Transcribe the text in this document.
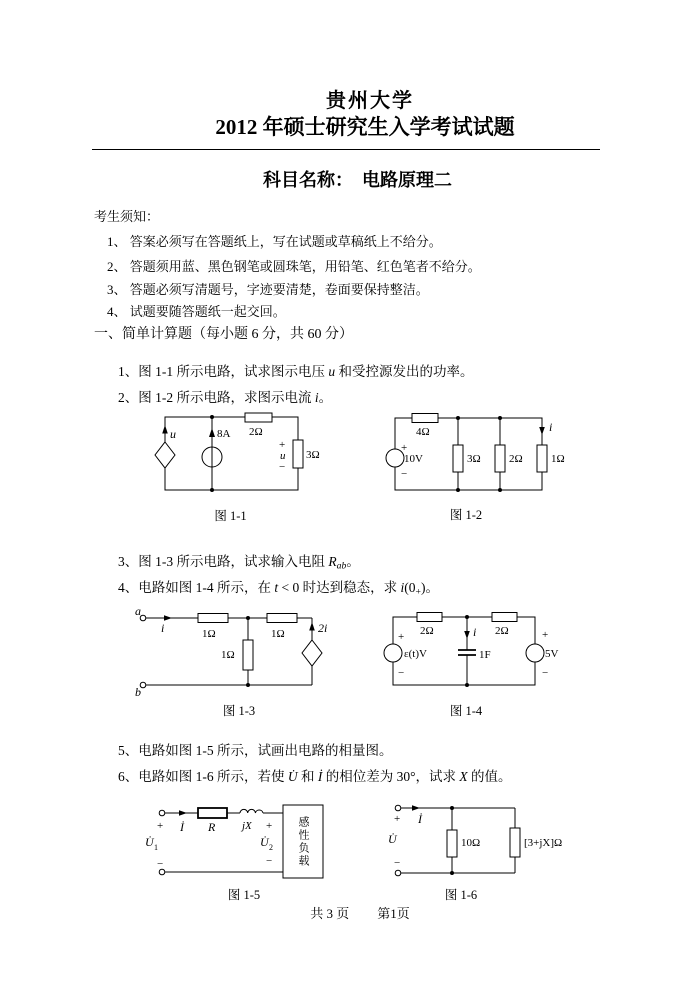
贵州大学
2012 年硕士研究生入学考试试题
科目名称：　电路原理二
考生须知：
1、 答案必须写在答题纸上，写在试题或草稿纸上不给分。
2、 答题须用蓝、黑色钢笔或圆珠笔，用铅笔、红色笔者不给分。
3、 答题必须写清题号，字迹要清楚，卷面要保持整洁。
4、 试题要随答题纸一起交回。
一、简单计算题（每小题 6 分，共 60 分）
1、图 1-1 所示电路，试求图示电压 u 和受控源发出的功率。
2、图 1-2 所示电路，求图示电流 i。
u	8A 2Ω
+
u
−
3Ω
图 1-1
4Ω
+
10V
−
3Ω	2Ω	1Ω
i
图 1-2
3、图 1-3 所示电路，试求输入电阻 Rab。
4、电路如图 1-4 所示，在 t < 0 时达到稳态，求 $i(0_+)$。
a
b
i	1Ω	1Ω
1Ω
2i
图 1-3
2Ω	2Ω
+
ε(t)V
−
i
1F
+
5V
−
图 1-4
5、电路如图 1-5 所示，试画出电路的相量图。
6、电路如图 1-6 所示，若使 U̇ 和 İ 的相位差为 30°，试求 X 的值。
İ R jX +
U̇ 2
−
+
U̇ 1
−	感性负载
图 1-5
İ
+
U̇
−
10Ω	[3+jX]Ω
图 1-6
共 3 页 第1页
